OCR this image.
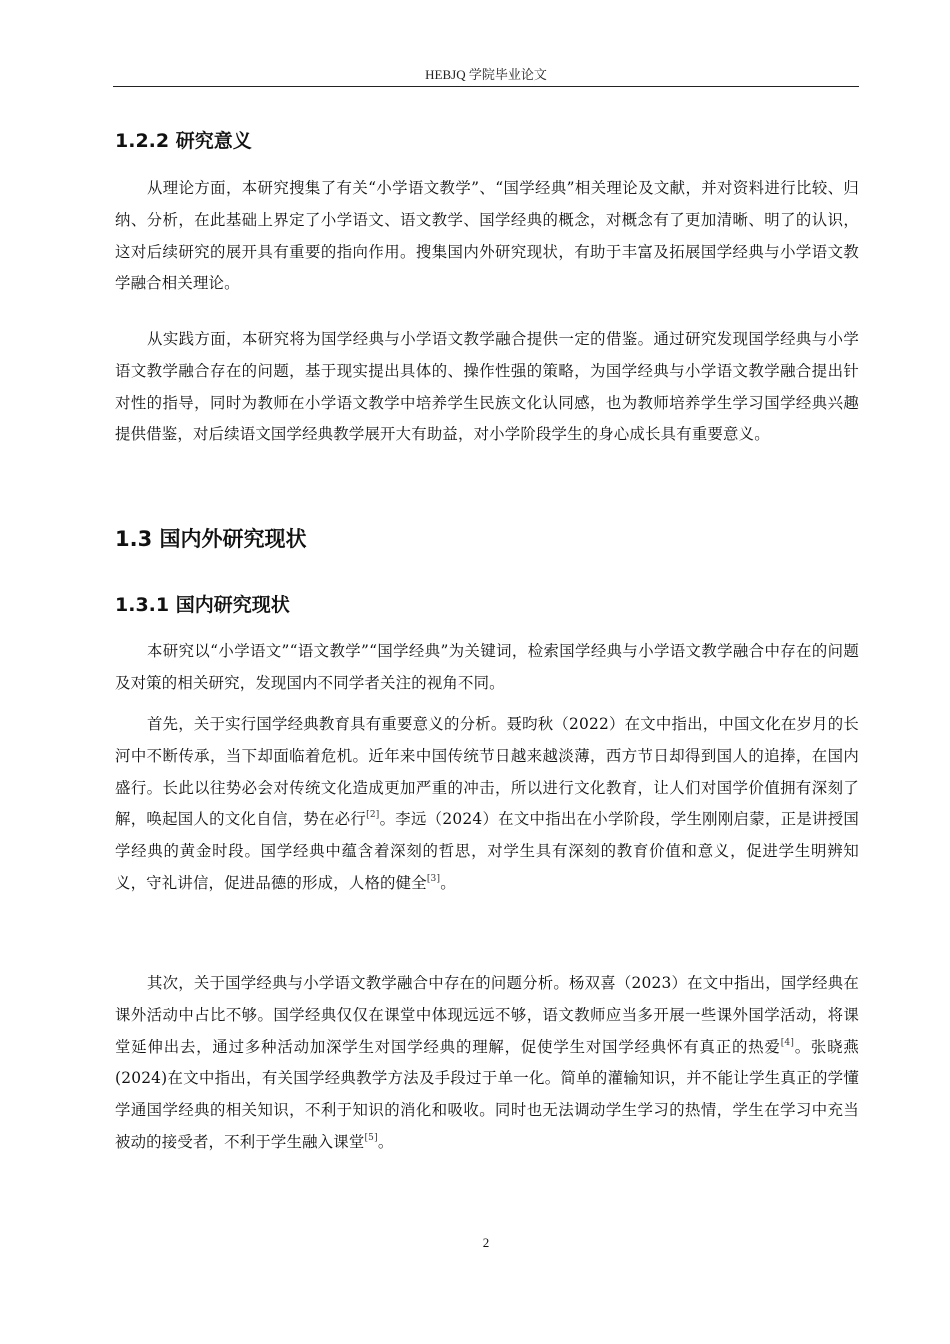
HEBJQ 学院毕业论文
1.2.2 研究意义

从理论方面，本研究搜集了有关“小学语文教学”、“国学经典”相关理论及文献，并对资料进行比较、归纳、分析，在此基础上界定了小学语文、语文教学、国学经典的概念，对概念有了更加清晰、明了的认识，这对后续研究的展开具有重要的指向作用。搜集国内外研究现状，有助于丰富及拓展国学经典与小学语文教学融合相关理论。

从实践方面，本研究将为国学经典与小学语文教学融合提供一定的借鉴。通过研究发现国学经典与小学语文教学融合存在的问题，基于现实提出具体的、操作性强的策略，为国学经典与小学语文教学融合提出针对性的指导，同时为教师在小学语文教学中培养学生民族文化认同感，也为教师培养学生学习国学经典兴趣提供借鉴，对后续语文国学经典教学展开大有助益，对小学阶段学生的身心成长具有重要意义。

1.3 国内外研究现状
1.3.1 国内研究现状

本研究以“小学语文”“语文教学”“国学经典”为关键词，检索国学经典与小学语文教学融合中存在的问题及对策的相关研究，发现国内不同学者关注的视角不同。

首先，关于实行国学经典教育具有重要意义的分析。聂昀秋（2022）在文中指出，中国文化在岁月的长河中不断传承，当下却面临着危机。近年来中国传统节日越来越淡薄，西方节日却得到国人的追捧，在国内盛行。长此以往势必会对传统文化造成更加严重的冲击，所以进行文化教育，让人们对国学价值拥有深刻了解，唤起国人的文化自信，势在必行[2]。李远（2024）在文中指出在小学阶段，学生刚刚启蒙，正是讲授国学经典的黄金时段。国学经典中蕴含着深刻的哲思，对学生具有深刻的教育价值和意义，促进学生明辨知义，守礼讲信，促进品德的形成，人格的健全[3]。

其次，关于国学经典与小学语文教学融合中存在的问题分析。杨双喜（2023）在文中指出，国学经典在课外活动中占比不够。国学经典仅仅在课堂中体现远远不够，语文教师应当多开展一些课外国学活动，将课堂延伸出去，通过多种活动加深学生对国学经典的理解，促使学生对国学经典怀有真正的热爱[4]。张晓燕(2024)在文中指出，有关国学经典教学方法及手段过于单一化。简单的灌输知识，并不能让学生真正的学懂学通国学经典的相关知识，不利于知识的消化和吸收。同时也无法调动学生学习的热情，学生在学习中充当被动的接受者，不利于学生融入课堂[5]。

2
